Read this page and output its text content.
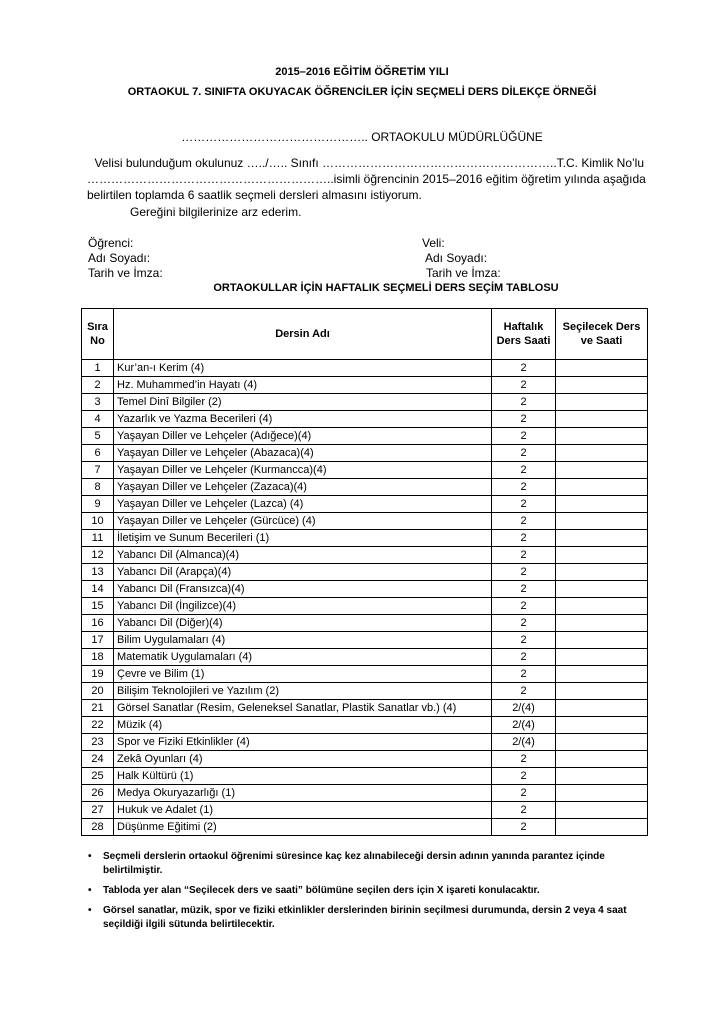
2015–2016 EĞİTİM ÖĞRETİM YILI
ORTAOKUL 7. SINIFTA OKUYACAK ÖĞRENCİLER İÇİN SEÇMELİ DERS DİLEKÇE ÖRNEĞİ
……………………………………….. ORTAOKULU MÜDÜRLÜĞÜNE
Velisi bulunduğum okulunuz …../….. Sınıfı …………………………………………………..T.C. Kimlik No’lu
…………………………………………………….. isimli öğrencinin 2015–2016 eğitim öğretim yılında aşağıda
belirtilen toplamda 6 saatlik seçmeli dersleri almasını istiyorum.
Gereğini bilgilerinize arz ederim.
Öğrenci:
Adı Soyadı:
Tarih ve İmza:
Veli:
Adı Soyadı:
Tarih ve İmza:
ORTAOKULLAR İÇİN HAFTALIK SEÇMELİ DERS SEÇİM TABLOSU
Sıra No	Dersin Adı	Haftalık Ders Saati	Seçilecek Ders ve Saati
1	Kur’an-ı Kerim (4)	2	
2	Hz. Muhammed’in Hayatı (4)	2	
3	Temel Dinî Bilgiler (2)	2	
4	Yazarlık ve Yazma Becerileri (4)	2	
5	Yaşayan Diller ve Lehçeler (Adığece)(4)	2	
6	Yaşayan Diller ve Lehçeler (Abazaca)(4)	2	
7	Yaşayan Diller ve Lehçeler (Kurmancca)(4)	2	
8	Yaşayan Diller ve Lehçeler (Zazaca)(4)	2	
9	Yaşayan Diller ve Lehçeler (Lazca) (4)	2	
10	Yaşayan Diller ve Lehçeler (Gürcüce) (4)	2	
11	İletişim ve Sunum Becerileri (1)	2	
12	Yabancı Dil (Almanca)(4)	2	
13	Yabancı Dil (Arapça)(4)	2	
14	Yabancı Dil (Fransızca)(4)	2	
15	Yabancı Dil (İngilizce)(4)	2	
16	Yabancı Dil (Diğer)(4)	2	
17	Bilim Uygulamaları (4)	2	
18	Matematik Uygulamaları (4)	2	
19	Çevre ve Bilim (1)	2	
20	Bilişim Teknolojileri ve Yazılım (2)	2	
21	Görsel Sanatlar (Resim, Geleneksel Sanatlar, Plastik Sanatlar vb.) (4)	2/(4)	
22	Müzik (4)	2/(4)	
23	Spor ve Fiziki Etkinlikler (4)	2/(4)	
24	Zekâ Oyunları (4)	2	
25	Halk Kültürü (1)	2	
26	Medya Okuryazarlığı (1)	2	
27	Hukuk ve Adalet (1)	2	
28	Düşünme Eğitimi (2)	2	
• Seçmeli derslerin ortaokul öğrenimi süresince kaç kez alınabileceği dersin adının yanında parantez içinde belirtilmiştir.
• Tabloda yer alan “Seçilecek ders ve saati” bölümüne seçilen ders için X işareti konulacaktır.
• Görsel sanatlar, müzik, spor ve fiziki etkinlikler derslerinden birinin seçilmesi durumunda, dersin 2 veya 4 saat seçildiği ilgili sütunda belirtilecektir.
